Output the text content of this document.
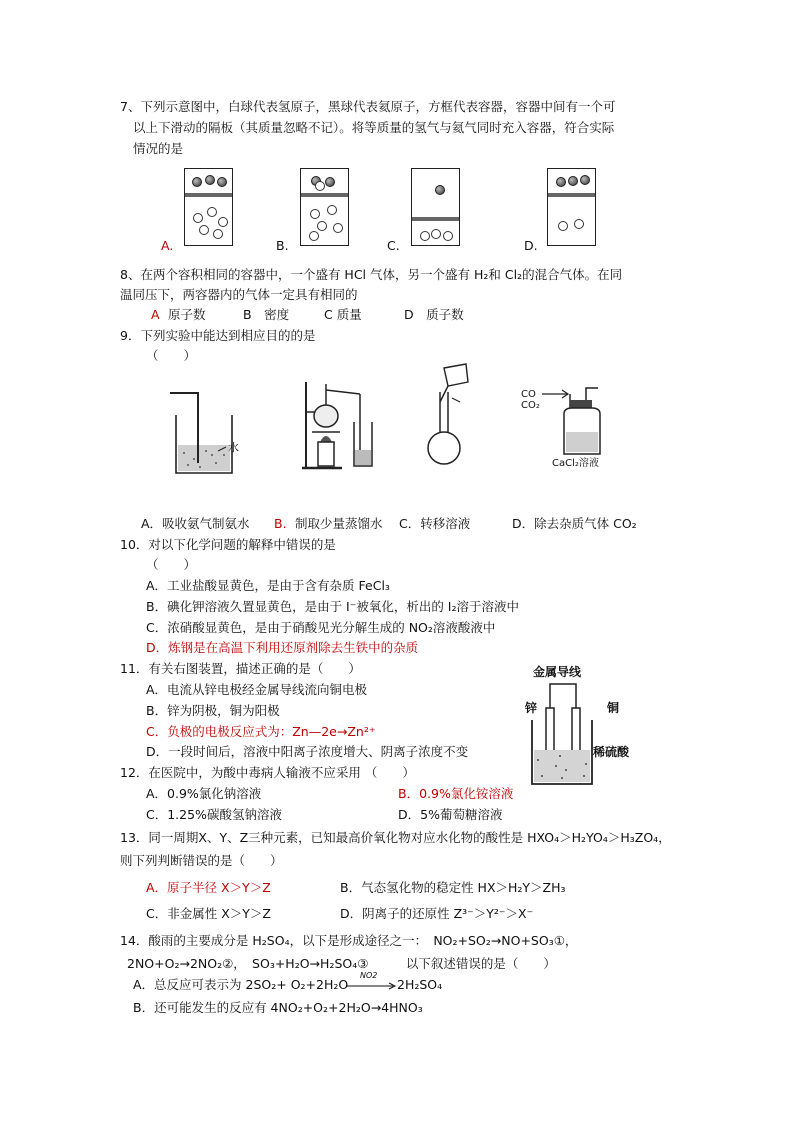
7、下列示意图中，白球代表氢原子，黑球代表氦原子，方框代表容器，容器中间有一个可
以上下滑动的隔板（其质量忽略不记）。将等质量的氢气与氦气同时充入容器，符合实际
情况的是
A.	B.	C.	D.
8、在两个容积相同的容器中，一个盛有 HCl 气体，另一个盛有 H₂和 Cl₂的混合气体。在同
温同压下，两容器内的气体一定具有相同的
A 原子数	B　密度	C 质量	D　质子数
9．下列实验中能达到相应目的的是
（　　）
水
CO
CO₂
CaCl₂溶液
A．吸收氨气制氨水 B. 制取少量蒸馏水 C．转移溶液	D．除去杂质气体 CO₂
10．对以下化学问题的解释中错误的是
（　　）
A．工业盐酸显黄色，是由于含有杂质 FeCl₃
B．碘化钾溶液久置显黄色，是由于 I⁻被氧化，析出的 I₂溶于溶液中
C．浓硝酸显黄色，是由于硝酸见光分解生成的 NO₂溶液酸液中
D．炼钢是在高温下利用还原剂除去生铁中的杂质
11．有关右图装置，描述正确的是（　　）
A．电流从锌电极经金属导线流向铜电极
B．锌为阴极，铜为阳极
C．负极的电极反应式为：Zn—2e→Zn²⁺
D．一段时间后，溶液中阳离子浓度增大、阴离子浓度不变
金属导线
锌	铜
稀硫酸
12．在医院中，为酸中毒病人输液不应采用 （　　）
A．0.9%氯化钠溶液	B．0.9%氯化铵溶液
C．1.25%碳酸氢钠溶液	D．5%葡萄糖溶液
13．同一周期X、Y、Z三种元素，已知最高价氧化物对应水化物的酸性是 HXO₄＞H₂YO₄＞H₃ZO₄，
则下列判断错误的是（　　）
A．原子半径 X＞Y＞Z	B．气态氢化物的稳定性 HX＞H₂Y＞ZH₃
C．非金属性 X＞Y＞Z	D．阴离子的还原性 Z³⁻＞Y²⁻＞X⁻
14．酸雨的主要成分是 H₂SO₄，以下是形成途径之一：　NO₂+SO₂→NO+SO₃①，
2NO+O₂→2NO₂②，　SO₃+H₂O→H₂SO₄③　　　以下叙述错误的是（　　）
A．总反应可表示为 2SO₂+ O₂+2H₂O
NO2
2H₂SO₄
B．还可能发生的反应有 4NO₂+O₂+2H₂O→4HNO₃
